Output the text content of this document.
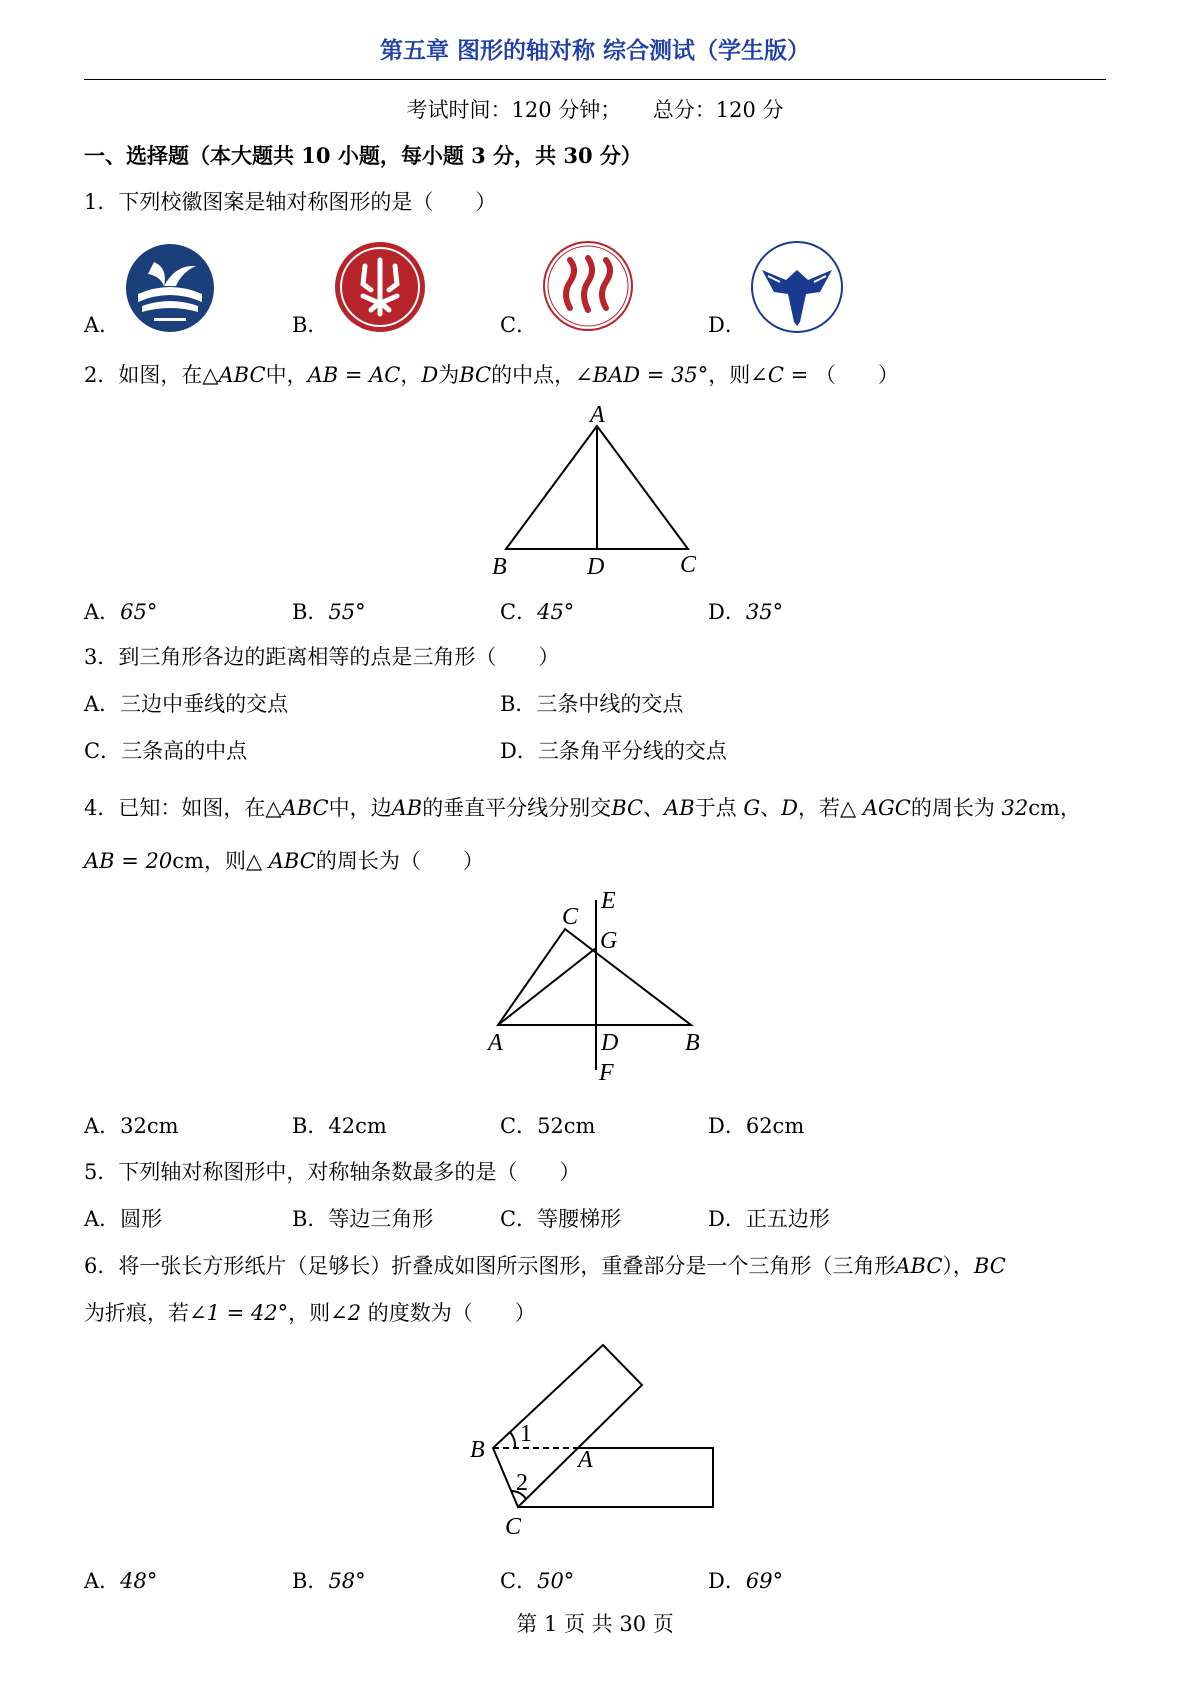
第五章 图形的轴对称 综合测试（学生版）
考试时间：120 分钟；　　总分：120 分
一、选择题（本大题共 10 小题，每小题 3 分，共 30 分）
1．下列校徽图案是轴对称图形的是（　　）
A．	B．	C．	D．
2．如图，在△ABC中，AB = AC，D为BC的中点，∠BAD = 35°，则∠C = （　　）
A
B	D	C
A．65°	B．55°	C．45°	D．35°
3．到三角形各边的距离相等的点是三角形（　　）
A．三边中垂线的交点	B．三条中线的交点
C．三条高的中点	D．三条角平分线的交点
4．已知：如图，在△ABC中，边AB的垂直平分线分别交BC、AB于点 G、D，若△ AGC的周长为 32cm，
AB = 20cm，则△ ABC的周长为（　　）
C
E
G
A	D	B
F
A．32cm	B．42cm	C．52cm	D．62cm
5．下列轴对称图形中，对称轴条数最多的是（　　）
A．圆形	B．等边三角形	C．等腰梯形	D．正五边形
6．将一张长方形纸片（足够长）折叠成如图所示图形，重叠部分是一个三角形（三角形ABC），BC
为折痕，若∠1 = 42°，则∠2 的度数为（　　）
B	A
C
1
2
A．48°	B．58°	C．50°	D．69°
第 1 页 共 30 页
